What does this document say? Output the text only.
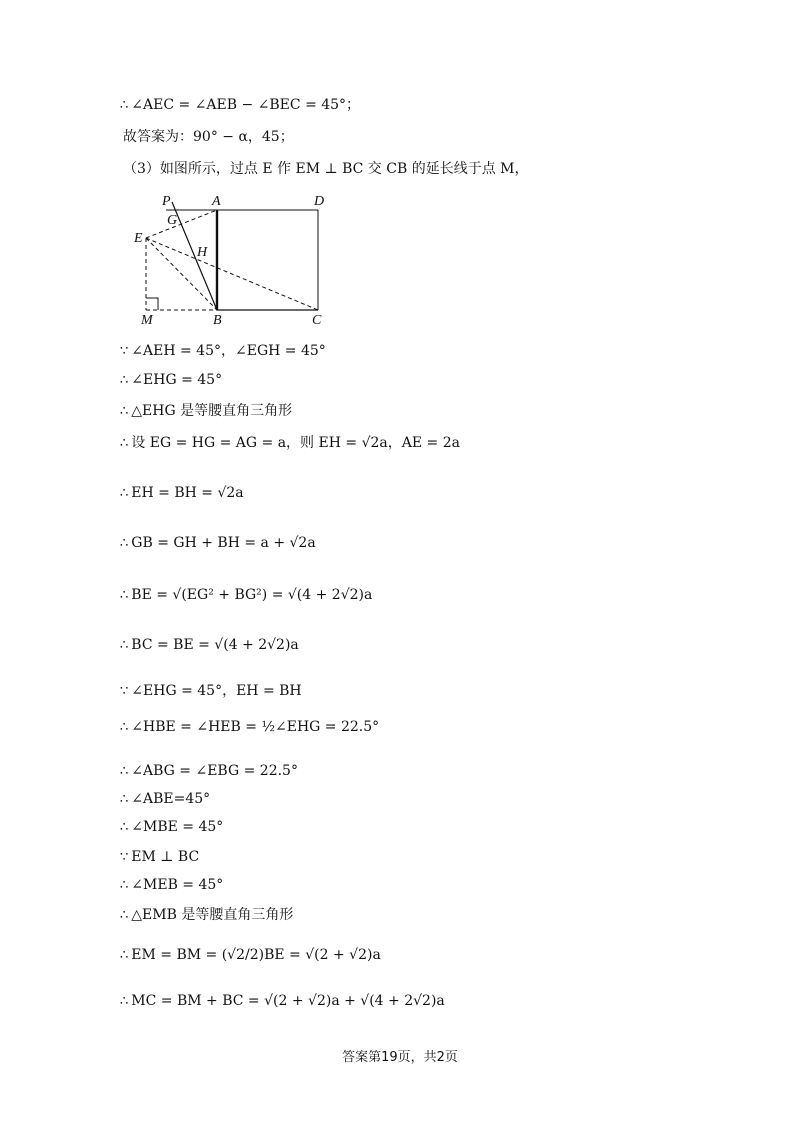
∴ ∠AEC = ∠AEB − ∠BEC = 45°；
故答案为：90° − α，45；
（3）如图所示，过点 E 作 EM ⊥ BC 交 CB 的延长线于点 M，
P	A	D
G
E
H
M	B	C
∵ ∠AEH = 45°，∠EGH = 45°
∴ ∠EHG = 45°
∴ △EHG 是等腰直角三角形
∴ 设 EG = HG = AG = a，则 EH = √2a，AE = 2a
∴ EH = BH = √2a
∴ GB = GH + BH = a + √2a
∴ BE = √(EG² + BG²) = √(4 + 2√2)a
∴ BC = BE = √(4 + 2√2)a
∵ ∠EHG = 45°，EH = BH
∴ ∠HBE = ∠HEB = ½∠EHG = 22.5°
∴ ∠ABG = ∠EBG = 22.5°
∴ ∠ABE=45°
∴ ∠MBE = 45°
∵ EM ⊥ BC
∴ ∠MEB = 45°
∴ △EMB 是等腰直角三角形
∴ EM = BM = (√2/2)BE = √(2 + √2)a
∴ MC = BM + BC = √(2 + √2)a + √(4 + 2√2)a
答案第19页，共2页
